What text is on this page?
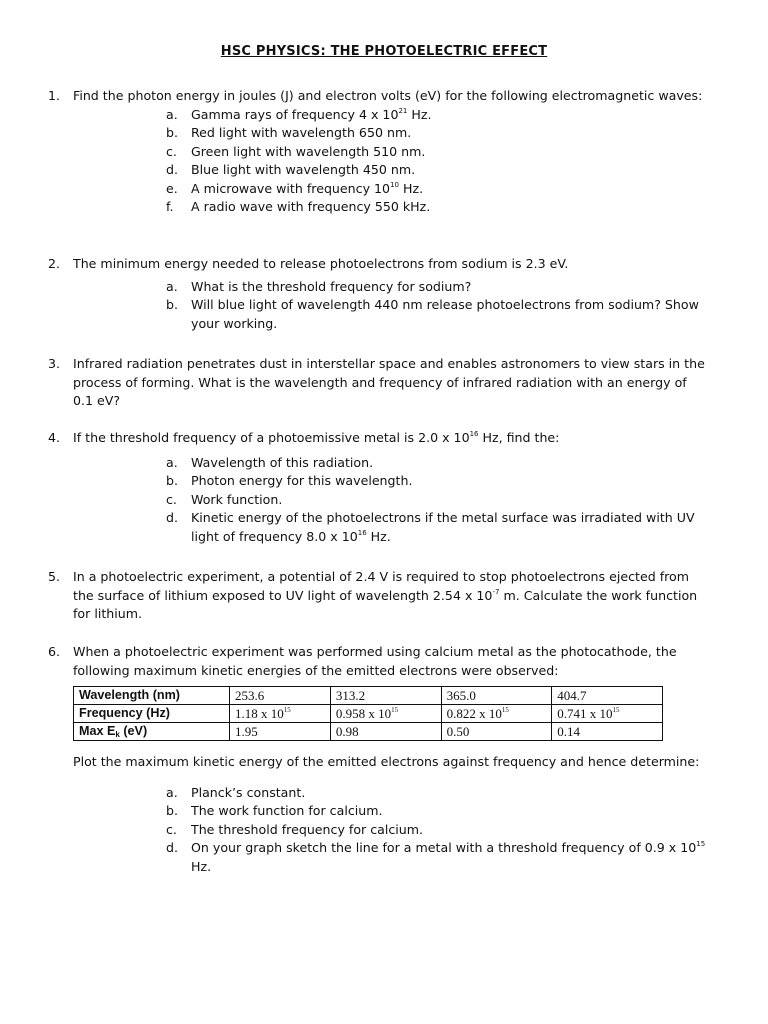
HSC PHYSICS: THE PHOTOELECTRIC EFFECT
1. Find the photon energy in joules (J) and electron volts (eV) for the following electromagnetic waves:
a. Gamma rays of frequency 4 x $10^{21}$ Hz.
b. Red light with wavelength 650 nm.
c. Green light with wavelength 510 nm.
d. Blue light with wavelength 450 nm.
e. A microwave with frequency $10^{10}$ Hz.
f. A radio wave with frequency 550 kHz.
2. The minimum energy needed to release photoelectrons from sodium is 2.3 eV.
a. What is the threshold frequency for sodium?
b. Will blue light of wavelength 440 nm release photoelectrons from sodium? Show your working.
3. Infrared radiation penetrates dust in interstellar space and enables astronomers to view stars in the process of forming. What is the wavelength and frequency of infrared radiation with an energy of 0.1 eV?
4. If the threshold frequency of a photoemissive metal is 2.0 x $10^{16}$ Hz, find the:
a. Wavelength of this radiation.
b. Photon energy for this wavelength.
c. Work function.
d. Kinetic energy of the photoelectrons if the metal surface was irradiated with UV light of frequency 8.0 x $10^{16}$ Hz.
5. In a photoelectric experiment, a potential of 2.4 V is required to stop photoelectrons ejected from the surface of lithium exposed to UV light of wavelength 2.54 x $10^{-7}$ m. Calculate the work function for lithium.
6. When a photoelectric experiment was performed using calcium metal as the photocathode, the following maximum kinetic energies of the emitted electrons were observed:
Wavelength (nm)	253.6	313.2	365.0	404.7
Frequency (Hz)	1.18 x $10^{15}$	0.958 x $10^{15}$	0.822 x $10^{15}$	0.741 x $10^{15}$
Max $E_k$ (eV)	1.95	0.98	0.50	0.14
Plot the maximum kinetic energy of the emitted electrons against frequency and hence determine:
a. Planck’s constant.
b. The work function for calcium.
c. The threshold frequency for calcium.
d. On your graph sketch the line for a metal with a threshold frequency of 0.9 x $10^{15}$ Hz.
